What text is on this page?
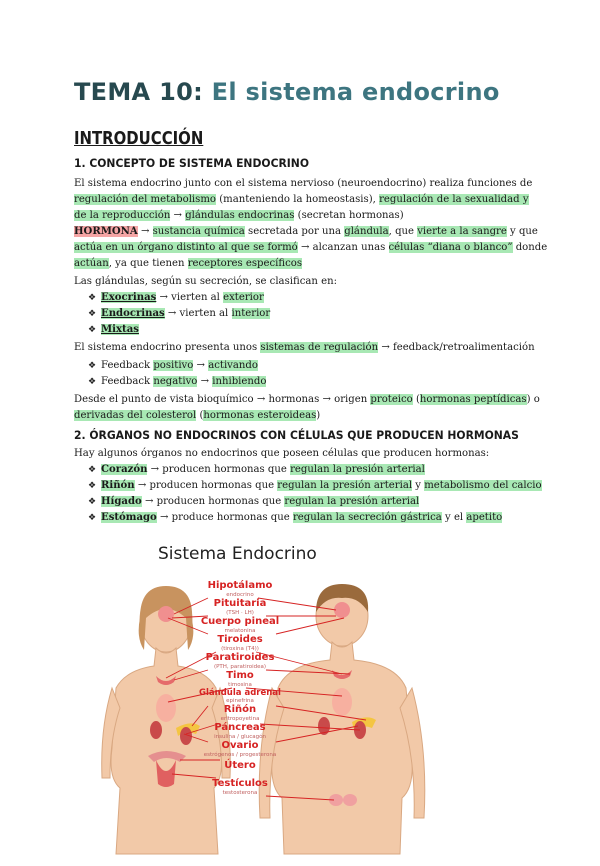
TEMA 10: El sistema endocrino
INTRODUCCIÓN
1. CONCEPTO DE SISTEMA ENDOCRINO
El sistema endocrino junto con el sistema nervioso (neuroendocrino) realiza funciones de
regulación del metabolismo (manteniendo la homeostasis), regulación de la sexualidad y
de la reproducción → glándulas endocrinas (secretan hormonas)
HORMONA → sustancia química secretada por una glándula, que vierte a la sangre y que
actúa en un órgano distinto al que se formó → alcanzan unas células “diana o blanco” donde
actúan, ya que tienen receptores específicos
Las glándulas, según su secreción, se clasifican en:
❖ Exocrinas → vierten al exterior
❖ Endocrinas → vierten al interior
❖ Mixtas
El sistema endocrino presenta unos sistemas de regulación → feedback/retroalimentación
❖ Feedback positivo → activando
❖ Feedback negativo → inhibiendo
Desde el punto de vista bioquímico → hormonas → origen proteico (hormonas peptídicas) o
derivadas del colesterol (hormonas esteroideas)
2. ÓRGANOS NO ENDOCRINOS CON CÉLULAS QUE PRODUCEN HORMONAS
Hay algunos órganos no endocrinos que poseen células que producen hormonas:
❖ Corazón → producen hormonas que regulan la presión arterial
❖ Riñón → producen hormonas que regulan la presión arterial y metabolismo del calcio
❖ Hígado → producen hormonas que regulan la presión arterial
❖ Estómago → produce hormonas que regulan la secreción gástrica y el apetito
Sistema Endocrino
Hipotálamo
endocrino
Pituitaria
(TSH · LH)
Cuerpo pineal
melatonina
Tiroides
(tiroxina (T4))
Paratiroides
(PTH, paratiroidea)
Timo
timosina
Glándula adrenal
epinefrina
Riñón
eritropoyetina
Páncreas
insulina / glucagón
Ovario
estrógenos / progesterona
Útero
Testículos
testosterona
